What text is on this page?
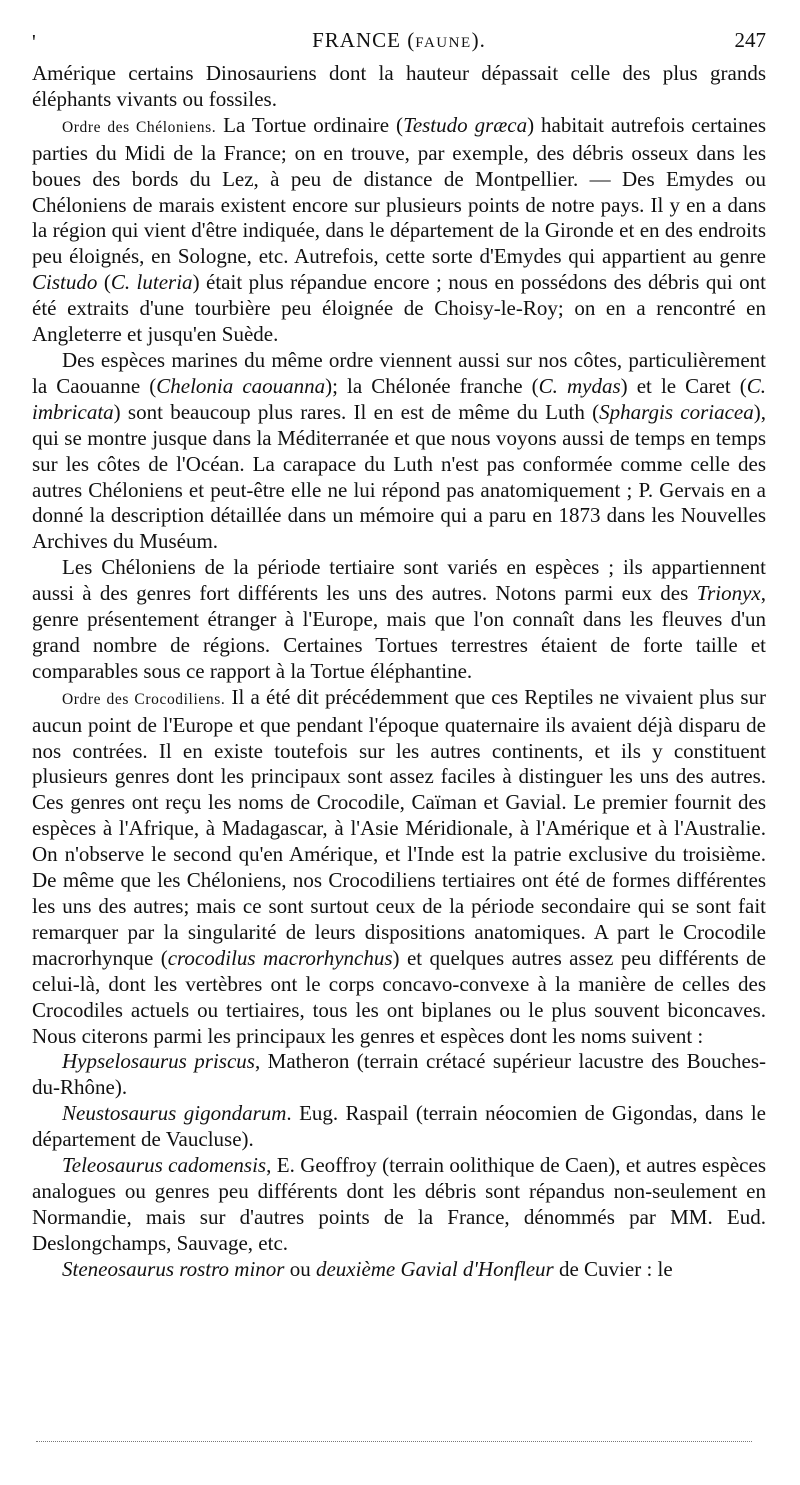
'	FRANCE (FAUNE).	247

Amérique certains Dinosauriens dont la hauteur dépassait celle des plus grands éléphants vivants ou fossiles.

Ordre des Chéloniens. La Tortue ordinaire (Testudo græca) habitait autrefois certaines parties du Midi de la France; on en trouve, par exemple, des débris osseux dans les boues des bords du Lez, à peu de distance de Montpellier. — Des Emydes ou Chéloniens de marais existent encore sur plusieurs points de notre pays. Il y en a dans la région qui vient d'être indiquée, dans le département de la Gironde et en des endroits peu éloignés, en Sologne, etc. Autrefois, cette sorte d'Emydes qui appartient au genre Cistudo (C. luteria) était plus répandue encore ; nous en possédons des débris qui ont été extraits d'une tourbière peu éloignée de Choisy-le-Roy; on en a rencontré en Angleterre et jusqu'en Suède.

Des espèces marines du même ordre viennent aussi sur nos côtes, particulièrement la Caouanne (Chelonia caouanna); la Chélonée franche (C. mydas) et le Caret (C. imbricata) sont beaucoup plus rares. Il en est de même du Luth (Sphargis coriacea), qui se montre jusque dans la Méditerranée et que nous voyons aussi de temps en temps sur les côtes de l'Océan. La carapace du Luth n'est pas conformée comme celle des autres Chéloniens et peut-être elle ne lui répond pas anatomiquement ; P. Gervais en a donné la description détaillée dans un mémoire qui a paru en 1873 dans les Nouvelles Archives du Muséum.

Les Chéloniens de la période tertiaire sont variés en espèces ; ils appartiennent aussi à des genres fort différents les uns des autres. Notons parmi eux des Trionyx, genre présentement étranger à l'Europe, mais que l'on connaît dans les fleuves d'un grand nombre de régions. Certaines Tortues terrestres étaient de forte taille et comparables sous ce rapport à la Tortue éléphantine.

Ordre des Crocodiliens. Il a été dit précédemment que ces Reptiles ne vivaient plus sur aucun point de l'Europe et que pendant l'époque quaternaire ils avaient déjà disparu de nos contrées. Il en existe toutefois sur les autres continents, et ils y constituent plusieurs genres dont les principaux sont assez faciles à distinguer les uns des autres. Ces genres ont reçu les noms de Crocodile, Caïman et Gavial. Le premier fournit des espèces à l'Afrique, à Madagascar, à l'Asie Méridionale, à l'Amérique et à l'Australie. On n'observe le second qu'en Amérique, et l'Inde est la patrie exclusive du troisième. De même que les Chéloniens, nos Crocodiliens tertiaires ont été de formes différentes les uns des autres; mais ce sont surtout ceux de la période secondaire qui se sont fait remarquer par la singularité de leurs dispositions anatomiques. A part le Crocodile macrorhynque (crocodilus macrorhynchus) et quelques autres assez peu différents de celui-là, dont les vertèbres ont le corps concavo-convexe à la manière de celles des Crocodiles actuels ou tertiaires, tous les ont biplanes ou le plus souvent biconcaves. Nous citerons parmi les principaux les genres et espèces dont les noms suivent :

Hypselosaurus priscus, Matheron (terrain crétacé supérieur lacustre des Bouches-du-Rhône).

Neustosaurus gigondarum. Eug. Raspail (terrain néocomien de Gigondas, dans le département de Vaucluse).

Teleosaurus cadomensis, E. Geoffroy (terrain oolithique de Caen), et autres espèces analogues ou genres peu différents dont les débris sont répandus non-seulement en Normandie, mais sur d'autres points de la France, dénommés par MM. Eud. Deslongchamps, Sauvage, etc.

Steneosaurus rostro minor ou deuxième Gavial d'Honfleur de Cuvier : le
